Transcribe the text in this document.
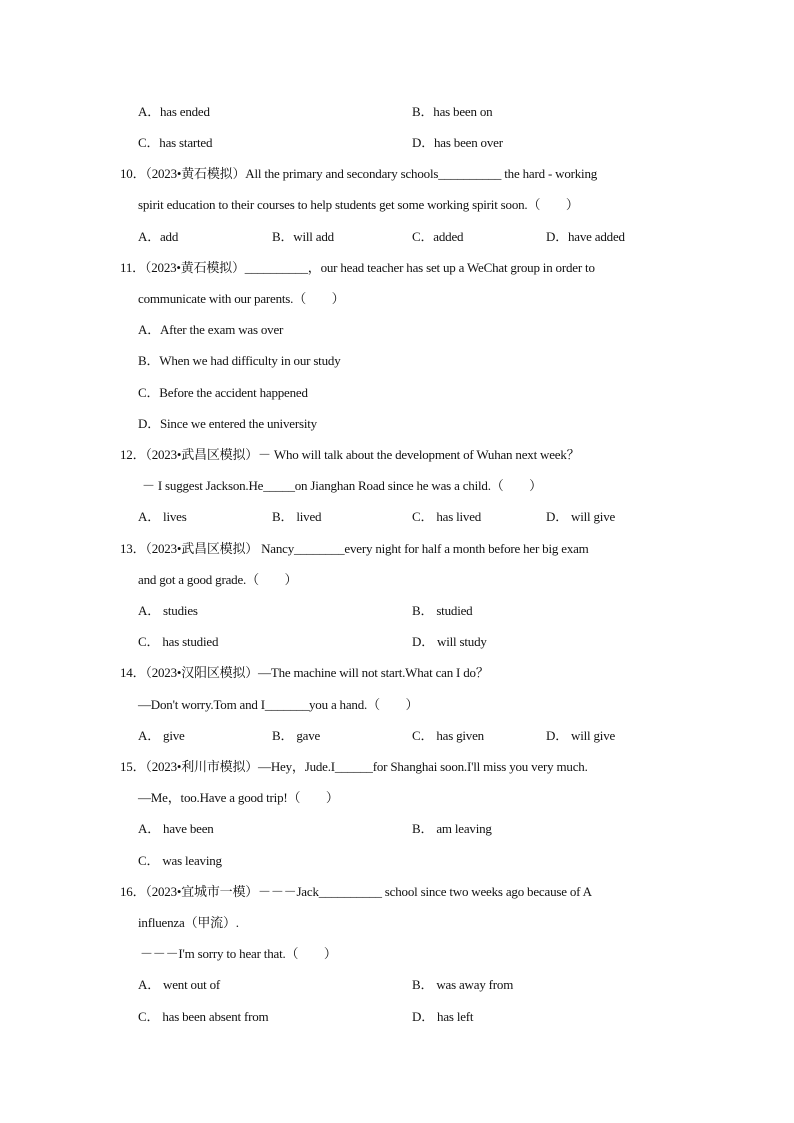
A．has ended	B．has been on
C．has started	D．has been over
10．（2023•黄石模拟）All the primary and secondary schools__________ the hard - working
spirit education to their courses to help students get some working spirit soon.（　　）
A．add	B．will add	C．added	D．have added
11．（2023•黄石模拟）__________，our head teacher has set up a WeChat group in order to
communicate with our parents.（　　）
A．After the exam was over
B．When we had difficulty in our study
C．Before the accident happened
D．Since we entered the university
12．（2023•武昌区模拟）－ Who will talk about the development of Wuhan next week？
－ I suggest Jackson.He_____on Jianghan Road since he was a child.（　　）
A． lives	B． lived	C． has lived	D． will give
13．（2023•武昌区模拟） Nancy________every night for half a month before her big exam
and got a good grade.（　　）
A． studies	B． studied
C． has studied	D． will study
14．（2023•汉阳区模拟）—The machine will not start.What can I do？
—Don't worry.Tom and I_______you a hand.（　　）
A． give	B． gave	C． has given	D． will give
15．（2023•利川市模拟）—Hey，Jude.I______for Shanghai soon.I'll miss you very much.
—Me，too.Have a good trip!（　　）
A． have been	B． am leaving
C． was leaving
16．（2023•宜城市一模）－－－Jack__________ school since two weeks ago because of A
influenza（甲流）.
－－－I'm sorry to hear that.（　　）
A． went out of	B． was away from
C． has been absent from	D． has left
